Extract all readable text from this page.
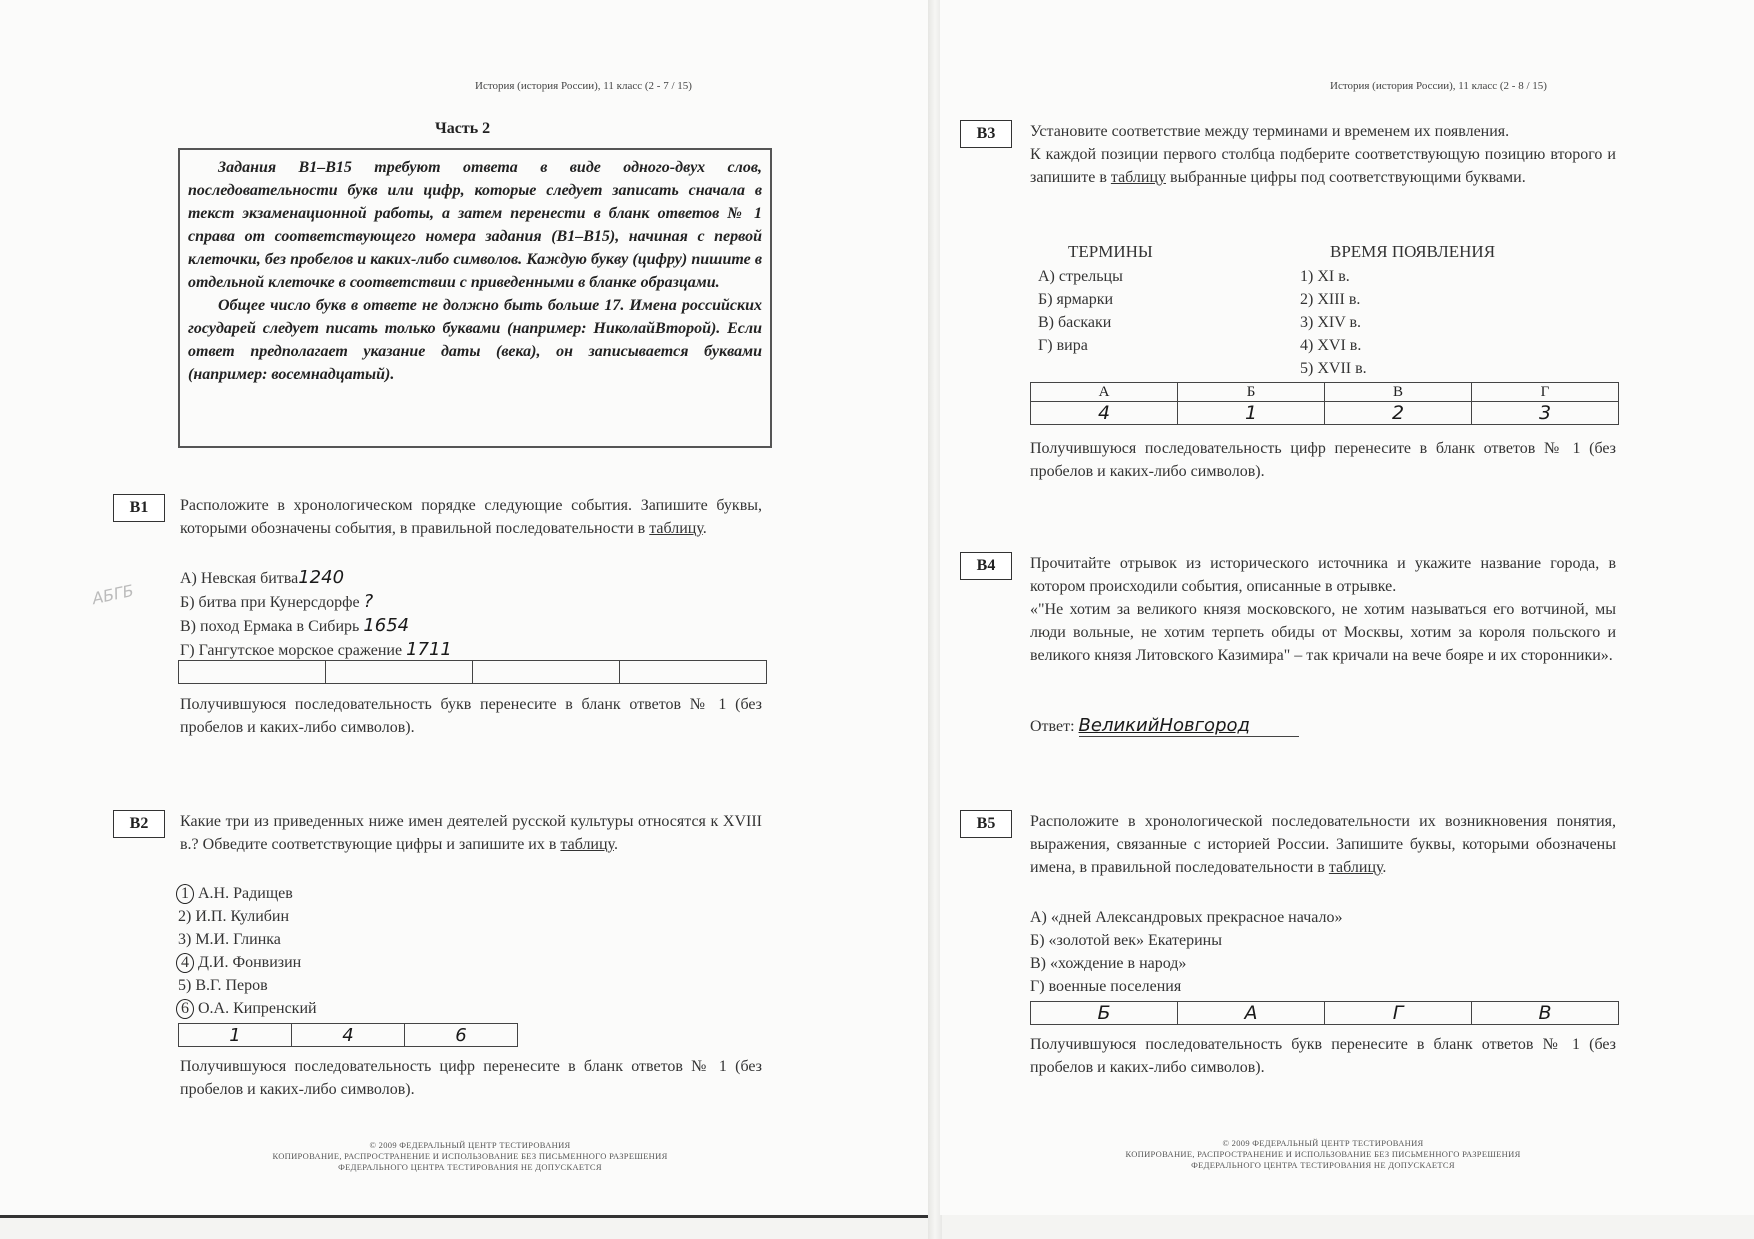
История (история России), 11 класс (2 - 7 / 15)
Часть 2

Задания В1–В15 требуют ответа в виде одного-двух слов, последовательности букв или цифр, которые следует записать сначала в текст экзаменационной работы, а затем перенести в бланк ответов № 1 справа от соответствующего номера задания (В1–В15), начиная с первой клеточки, без пробелов и каких-либо символов. Каждую букву (цифру) пишите в отдельной клеточке в соответствии с приведенными в бланке образцами.

Общее число букв в ответе не должно быть больше 17. Имена российских государей следует писать только буквами (например: НиколайВторой). Если ответ предполагает указание даты (века), он записывается буквами (например: восемнадцатый).

В1	Расположите в хронологическом порядке следующие события. Запишите буквы, которыми обозначены события, в правильной последовательности в таблицу.

А) Невская битва1240
Б) битва при Кунерсдорфе ?
В) поход Ермака в Сибирь 1654
Г) Гангутское морское сражение 1711
АБГБ

Получившуюся последовательность букв перенесите в бланк ответов № 1 (без пробелов и каких-либо символов).
В2	Какие три из приведенных ниже имен деятелей русской культуры относятся к XVIII в.? Обведите соответствующие цифры и запишите их в таблицу.

1 А.Н. Радищев
2) И.П. Кулибин
3) М.И. Глинка
4 Д.И. Фонвизин
5) В.Г. Перов
6 О.А. Кипренский
1	4	6
Получившуюся последовательность цифр перенесите в бланк ответов № 1 (без пробелов и каких-либо символов).
© 2009 ФЕДЕРАЛЬНЫЙ ЦЕНТР ТЕСТИРОВАНИЯ
КОПИРОВАНИЕ, РАСПРОСТРАНЕНИЕ И ИСПОЛЬЗОВАНИЕ БЕЗ ПИСЬМЕННОГО РАЗРЕШЕНИЯ
ФЕДЕРАЛЬНОГО ЦЕНТРА ТЕСТИРОВАНИЯ НЕ ДОПУСКАЕТСЯ
История (история России), 11 класс (2 - 8 / 15)
В3	Установите соответствие между терминами и временем их появления.

К каждой позиции первого столбца подберите соответствующую позицию второго и запишите в таблицу выбранные цифры под соответствующими буквами.

ТЕРМИНЫ
А) стрельцы
Б) ярмарки
В) баскаки
Г) вира
ВРЕМЯ ПОЯВЛЕНИЯ
1) XI в.
2) XIII в.
3) XIV в.
4) XVI в.
5) XVII в.
А	Б	В	Г
4	1	2	3
Получившуюся последовательность цифр перенесите в бланк ответов № 1 (без пробелов и каких-либо символов).
В4	Прочитайте отрывок из исторического источника и укажите название города, в котором происходили события, описанные в отрывке.

«"Не хотим за великого князя московского, не хотим называться его вотчиной, мы люди вольные, не хотим терпеть обиды от Москвы, хотим за короля польского и великого князя Литовского Казимира" – так кричали на вече бояре и их сторонники».

Ответ: ВеликийНовгород
В5	Расположите в хронологической последовательности их возникновения понятия, выражения, связанные с историей России. Запишите буквы, которыми обозначены имена, в правильной последовательности в таблицу.

А) «дней Александровых прекрасное начало»
Б) «золотой век» Екатерины
В) «хождение в народ»
Г) военные поселения
Б	А	Г	В
Получившуюся последовательность букв перенесите в бланк ответов № 1 (без пробелов и каких-либо символов).
© 2009 ФЕДЕРАЛЬНЫЙ ЦЕНТР ТЕСТИРОВАНИЯ
КОПИРОВАНИЕ, РАСПРОСТРАНЕНИЕ И ИСПОЛЬЗОВАНИЕ БЕЗ ПИСЬМЕННОГО РАЗРЕШЕНИЯ
ФЕДЕРАЛЬНОГО ЦЕНТРА ТЕСТИРОВАНИЯ НЕ ДОПУСКАЕТСЯ
